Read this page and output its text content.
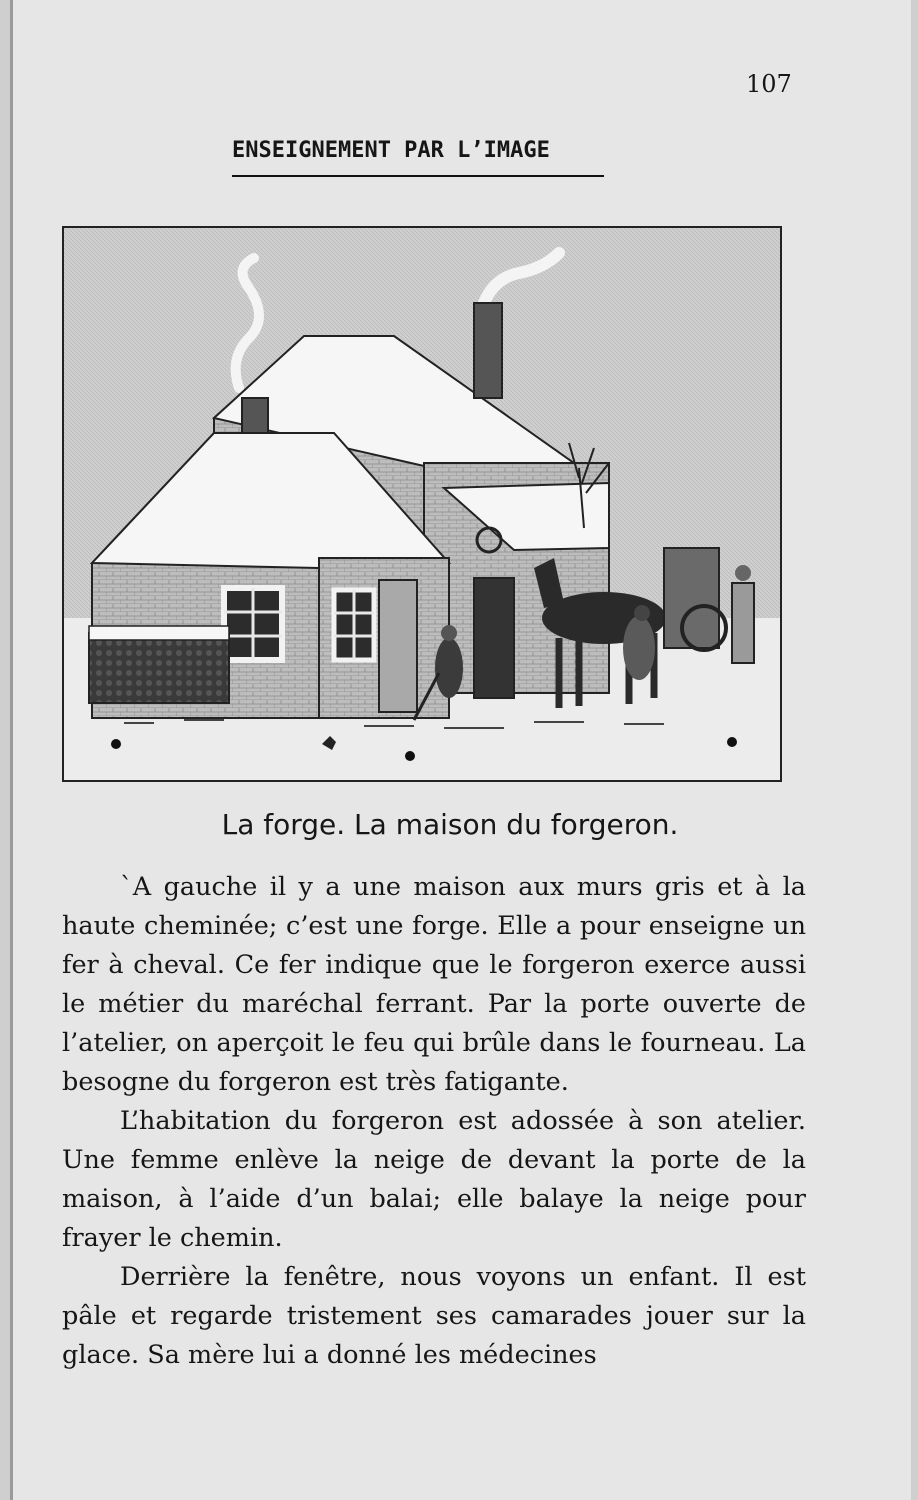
107
ENSEIGNEMENT PAR L’IMAGE
La forge. La maison du forgeron.

`A gauche il y a une maison aux murs gris et à la haute cheminée; c’est une forge. Elle a pour enseigne un fer à cheval. Ce fer indique que le forgeron exerce aussi le métier du maréchal ferrant. Par la porte ouverte de l’atelier, on aperçoit le feu qui brûle dans le fourneau. La besogne du forgeron est très fatigante.

L’habitation du forgeron est adossée à son atelier. Une femme enlève la neige de devant la porte de la maison, à l’aide d’un balai; elle balaye la neige pour frayer le chemin.

Derrière la fenêtre, nous voyons un enfant. Il est pâle et regarde tristement ses camarades jouer sur la glace. Sa mère lui a donné les médecines
